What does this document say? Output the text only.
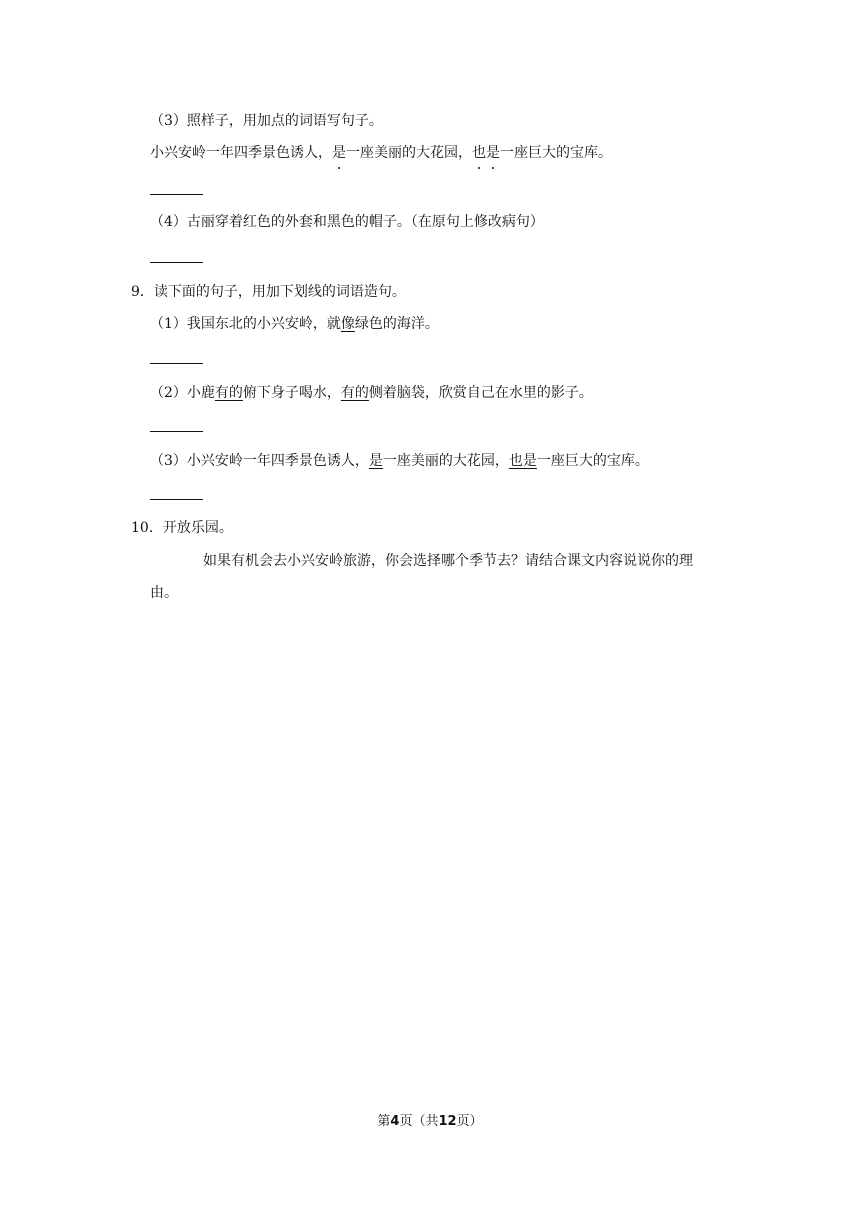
（3）照样子，用加点的词语写句子。
小兴安岭一年四季景色诱人，是一座美丽的大花园，也是一座巨大的宝库。
（4）古丽穿着红色的外套和黑色的帽子。（在原句上修改病句）
9．读下面的句子，用加下划线的词语造句。
（1）我国东北的小兴安岭，就像绿色的海洋。
（2）小鹿有的俯下身子喝水，有的侧着脑袋，欣赏自己在水里的影子。
（3）小兴安岭一年四季景色诱人，是一座美丽的大花园，也是一座巨大的宝库。
10．开放乐园。
如果有机会去小兴安岭旅游，你会选择哪个季节去？请结合课文内容说说你的理
由。
第4页（共12页）
